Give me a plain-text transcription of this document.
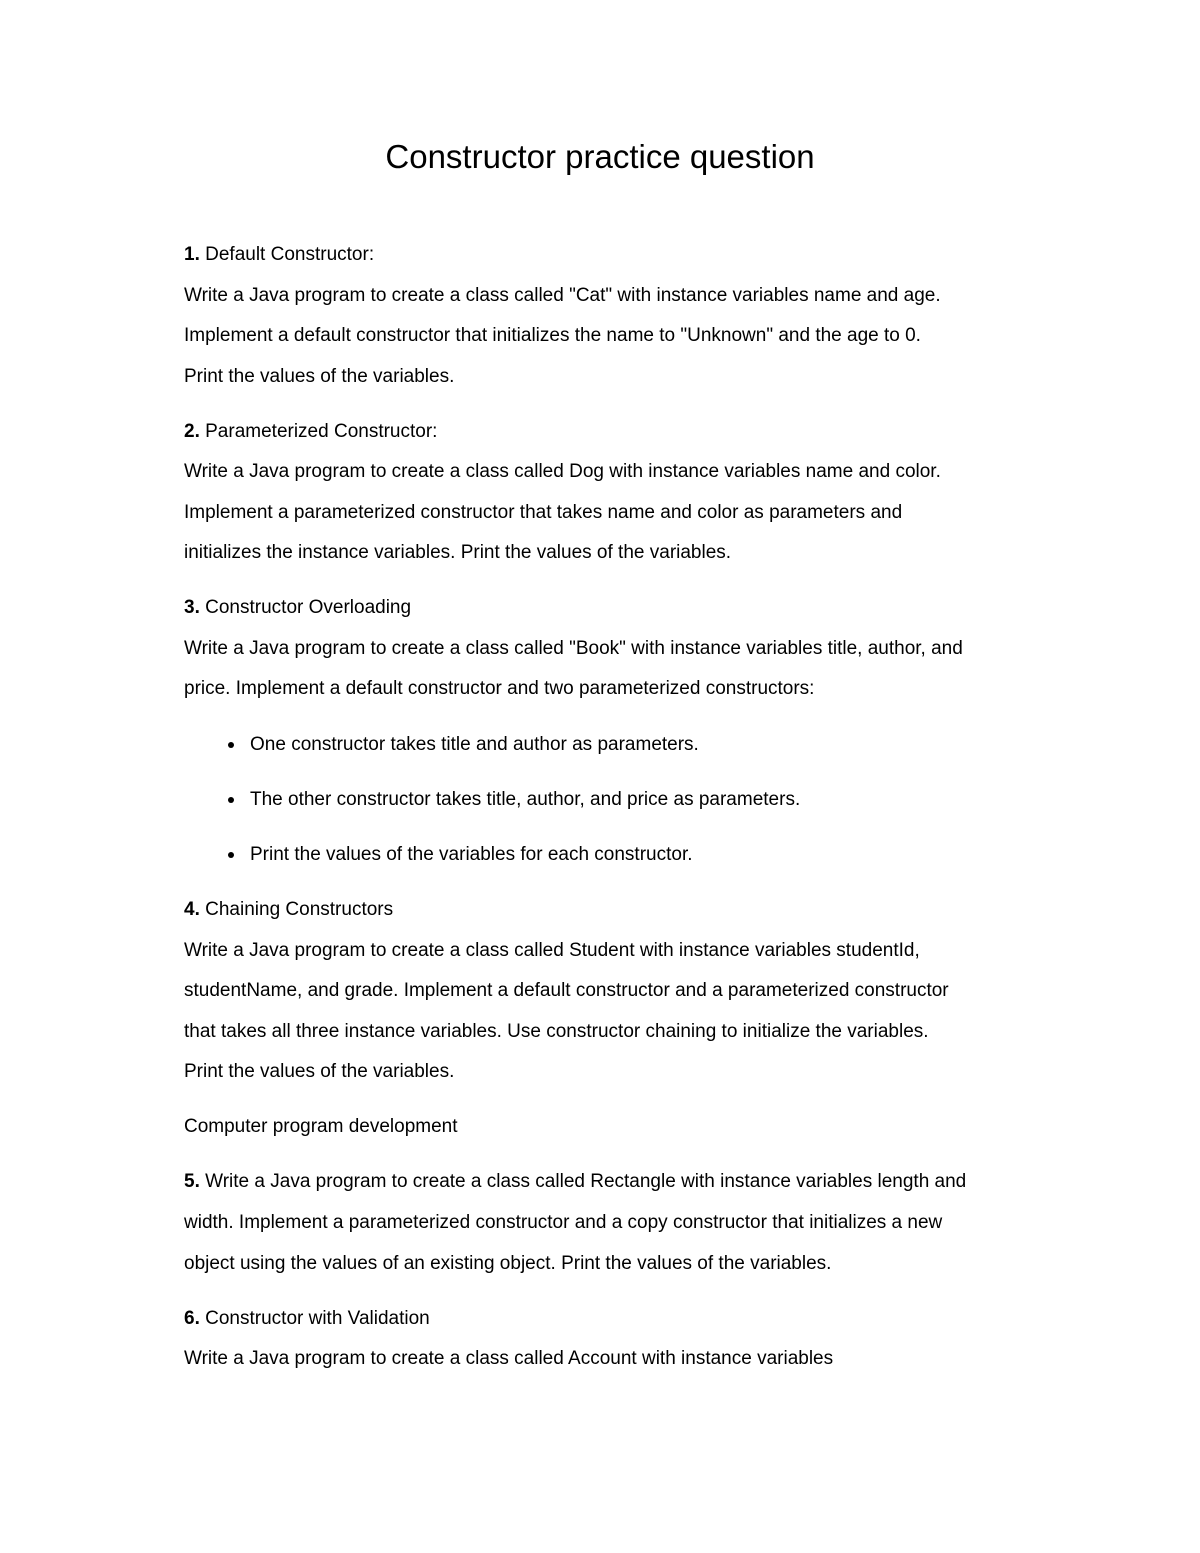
Constructor practice question

1. Default Constructor:

Write a Java program to create a class called "Cat" with instance variables name and age.

Implement a default constructor that initializes the name to "Unknown" and the age to 0.

Print the values of the variables.

2. Parameterized Constructor:

Write a Java program to create a class called Dog with instance variables name and color.

Implement a parameterized constructor that takes name and color as parameters and

initializes the instance variables. Print the values of the variables.

3. Constructor Overloading

Write a Java program to create a class called "Book" with instance variables title, author, and

price. Implement a default constructor and two parameterized constructors:

One constructor takes title and author as parameters.

The other constructor takes title, author, and price as parameters.

Print the values of the variables for each constructor.

4. Chaining Constructors

Write a Java program to create a class called Student with instance variables studentId,

studentName, and grade. Implement a default constructor and a parameterized constructor

that takes all three instance variables. Use constructor chaining to initialize the variables.

Print the values of the variables.

Computer program development

5. Write a Java program to create a class called Rectangle with instance variables length and

width. Implement a parameterized constructor and a copy constructor that initializes a new

object using the values of an existing object. Print the values of the variables.

6. Constructor with Validation

Write a Java program to create a class called Account with instance variables
